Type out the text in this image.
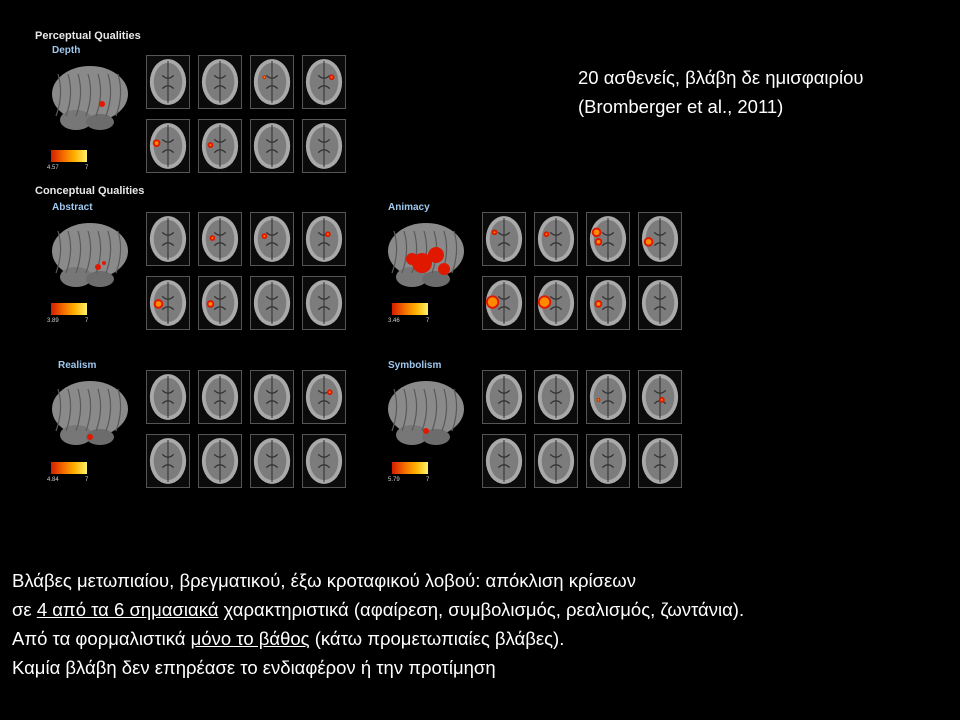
Perceptual Qualities
Conceptual Qualities
Depth
Abstract	Animacy
Realism	Symbolism
4.57	7
3.89	7	3.46	7
4.84	7	5.79	7
20 ασθενείς, βλάβη δε ημισφαιρίου
(Bromberger et al., 2011)
Βλάβες μετωπιαίου, βρεγματικού, έξω κροταφικού λοβού: απόκλιση κρίσεων
σε 4 από τα 6 σημασιακά χαρακτηριστικά (αφαίρεση, συμβολισμός, ρεαλισμός, ζωντάνια).
Από τα φορμαλιστικά μόνο το βάθος (κάτω προμετωπιαίες βλάβες).
Καμία βλάβη δεν επηρέασε το ενδιαφέρον ή την προτίμηση
